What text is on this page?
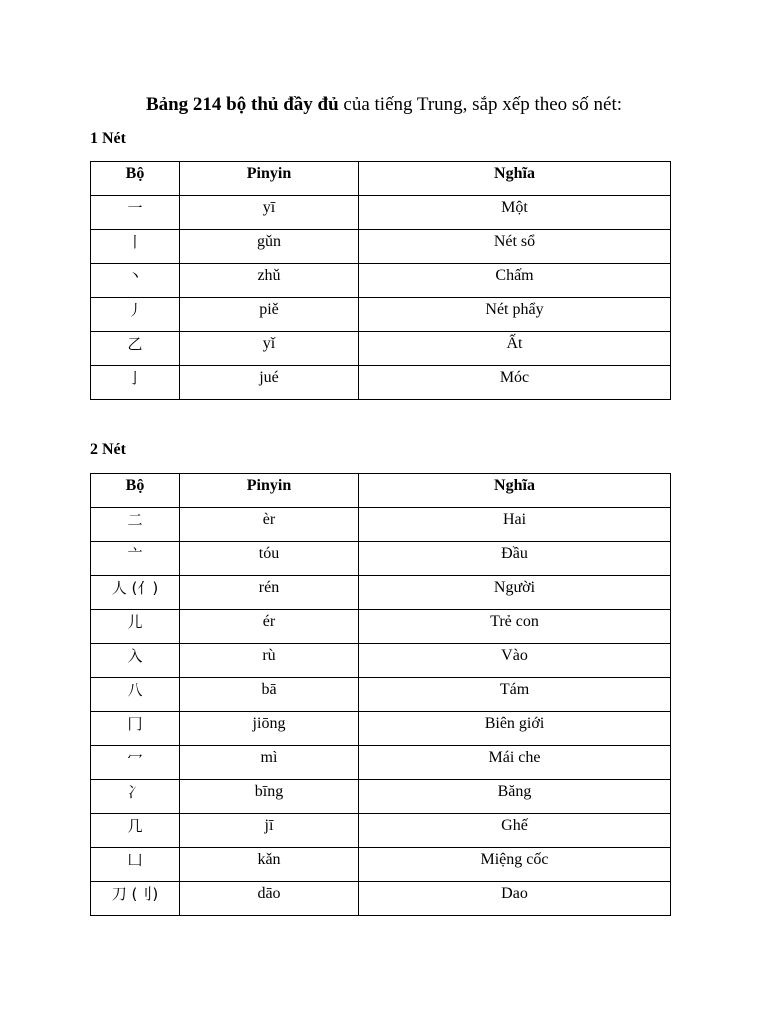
Bảng 214 bộ thủ đầy đủ của tiếng Trung, sắp xếp theo số nét:
1 Nét
Bộ	Pinyin	Nghĩa
一	yī	Một
丨	gǔn	Nét sổ
丶	zhǔ	Chấm
丿	piě	Nét phẩy
乙	yǐ	Ất
亅	jué	Móc
2 Nét
Bộ	Pinyin	Nghĩa
二	èr	Hai
亠	tóu	Đầu
人 (亻)	rén	Người
儿	ér	Trẻ con
入	rù	Vào
八	bā	Tám
冂	jiōng	Biên giới
冖	mì	Mái che
冫	bīng	Băng
几	jī	Ghế
凵	kǎn	Miệng cốc
刀 (刂)	dāo	Dao
